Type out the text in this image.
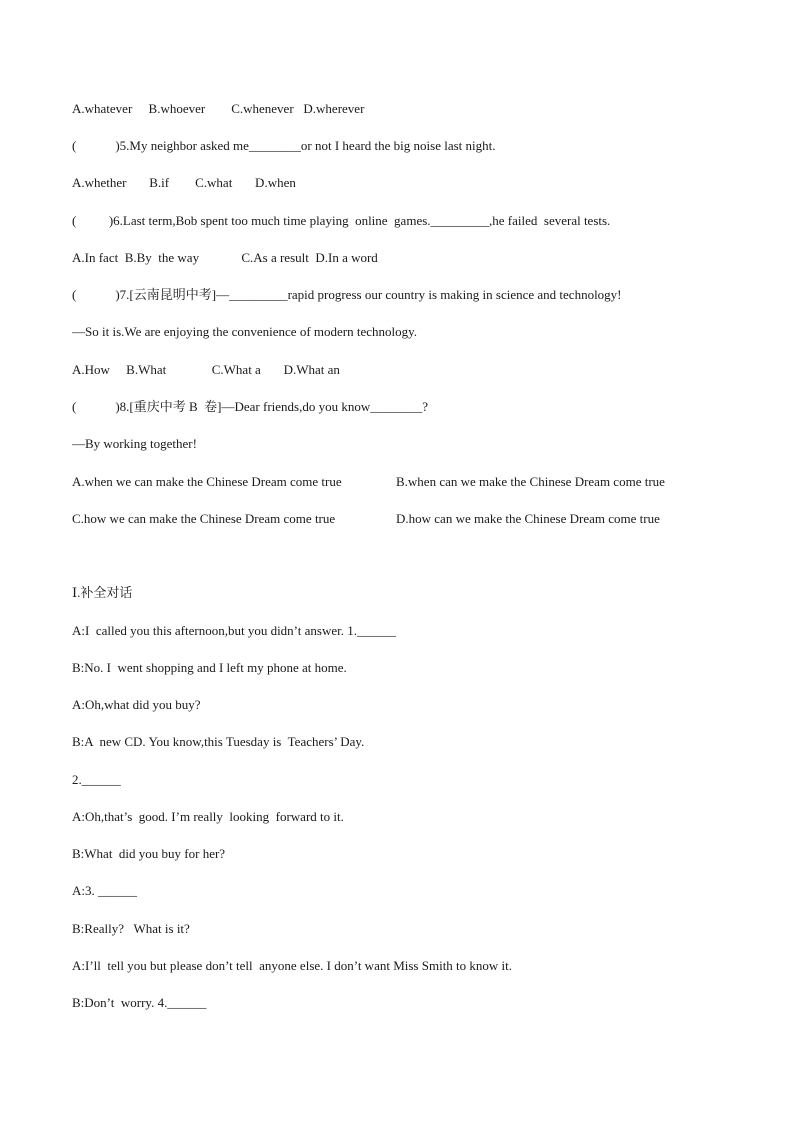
A.whatever     B.whoever        C.whenever   D.wherever
(            )5.My neighbor asked me________or not I heard the big noise last night.
A.whether       B.if        C.what       D.when
(          )6.Last term,Bob spent too much time playing  online  games._________,he failed  several tests.
A.In fact  B.By  the way             C.As a result  D.In a word
(            )7.[云南昆明中考]—_________rapid progress our country is making in science and technology!
—So it is.We are enjoying the convenience of modern technology.
A.How     B.What              C.What a       D.What an
(            )8.[重庆中考 B  卷]—Dear friends,do you know________?
—By working together!
A.when we can make the Chinese Dream come true	B.when can we make the Chinese Dream come true
C.how we can make the Chinese Dream come true	D.how can we make the Chinese Dream come true
Ⅰ.补全对话
A:I  called you this afternoon,but you didn’t answer. 1.______
B:No. I  went shopping and I left my phone at home.
A:Oh,what did you buy?
B:A  new CD. You know,this Tuesday is  Teachers’ Day.
2.______
A:Oh,that’s  good. I’m really  looking  forward to it.
B:What  did you buy for her?
A:3. ______
B:Really?   What is it?
A:I’ll  tell you but please don’t tell  anyone else. I don’t want Miss Smith to know it.
B:Don’t  worry. 4.______
